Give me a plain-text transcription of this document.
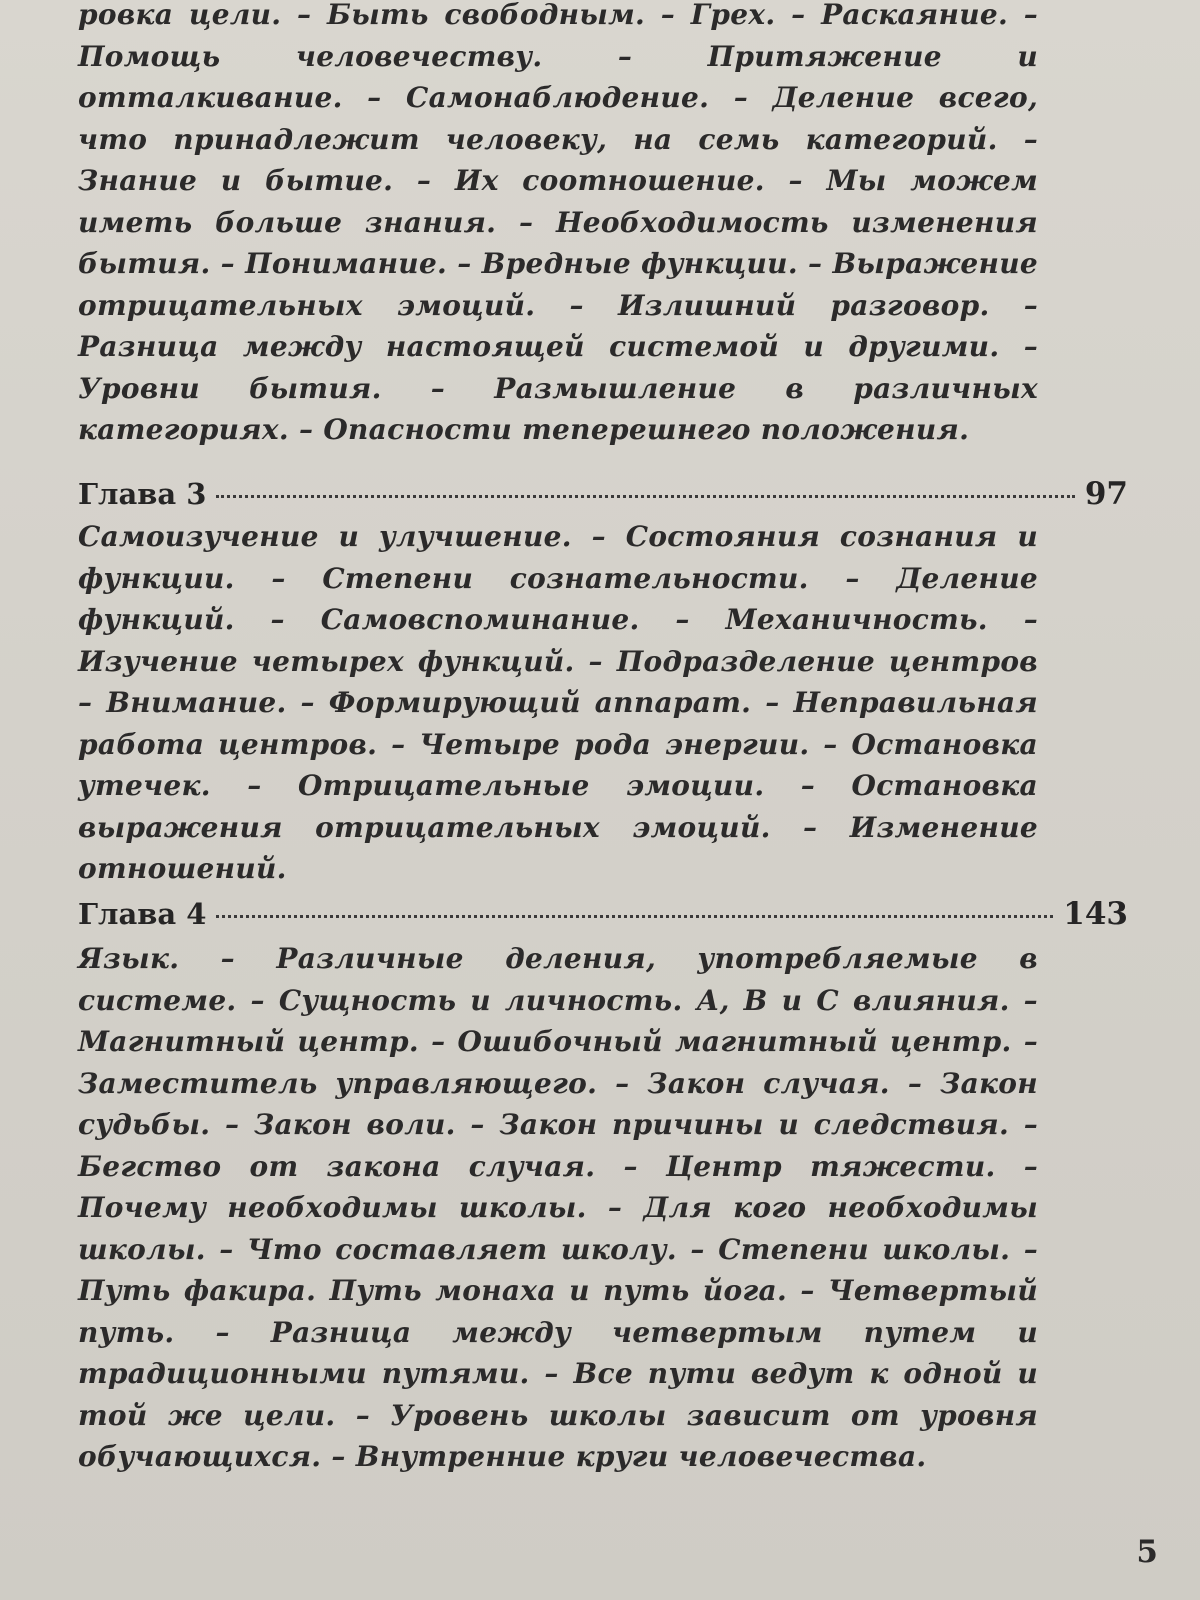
ровка цели. – Быть свободным. – Грех. – Раскаяние. – Помощь человечеству. – Притяжение и отталкивание. – Самонаблюдение. – Деление всего, что принадлежит человеку, на семь категорий. – Знание и бытие. – Их соотношение. – Мы можем иметь больше знания. – Необходимость изменения бытия. – Понимание. – Вредные функции. – Выражение отрицательных эмоций. – Излишний разговор. – Разница между настоящей системой и другими. – Уровни бытия. – Размышление в различных категориях. – Опасности теперешнего положения.

Глава 3	97

Самоизучение и улучшение. – Состояния сознания и функции. – Степени сознательности. – Деление функций. – Самовспоминание. – Механичность. – Изучение четырех функций. – Подразделение центров – Внимание. – Формирующий аппарат. – Неправильная работа центров. – Четыре рода энергии. – Остановка утечек. – Отрицательные эмоции. – Остановка выражения отрицательных эмоций. – Изменение отношений.

Глава 4	143

Язык. – Различные деления, употребляемые в системе. – Сущность и личность. А, В и С влияния. – Магнитный центр. – Ошибочный магнитный центр. – Заместитель управляющего. – Закон случая. – Закон судьбы. – Закон воли. – Закон причины и следствия. – Бегство от закона случая. – Центр тяжести. – Почему необходимы школы. – Для кого необходимы школы. – Что составляет школу. – Степени школы. – Путь факира. Путь монаха и путь йога. – Четвертый путь. – Разница между четвертым путем и традиционными путями. – Все пути ведут к одной и той же цели. – Уровень школы зависит от уровня обучающихся. – Внутренние круги человечества.

5
